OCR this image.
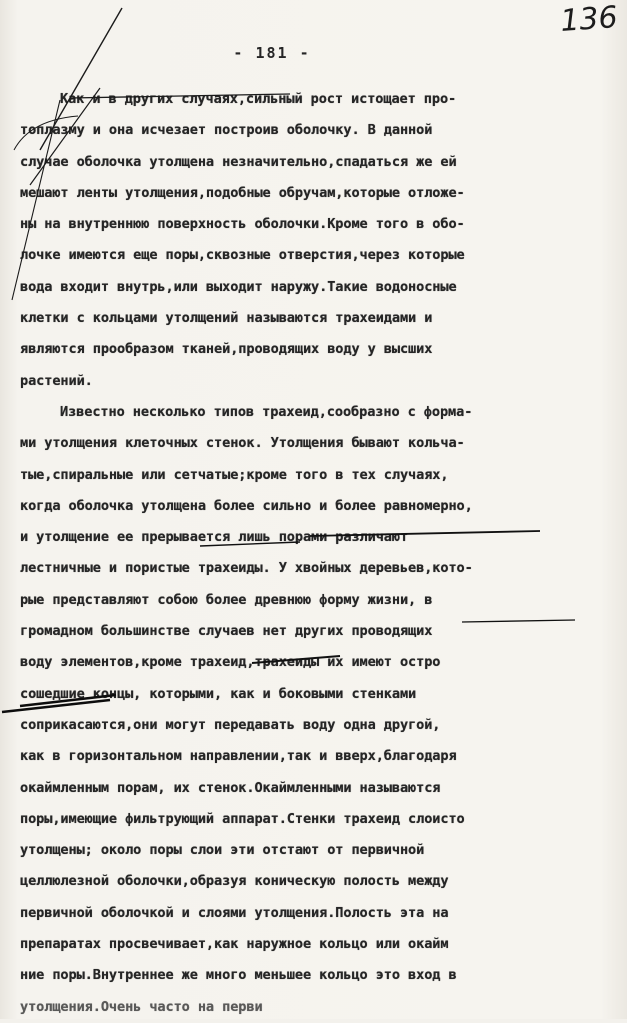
136
- 181 -
Как и в других случаях,сильный рост истощает про-
топлазму и она исчезает построив оболочку. В данной
случае оболочка утолщена незначительно,спадаться же ей
мешают ленты утолщения,подобные обручам,которые отложе-
ны на внутреннюю поверхность оболочки.Кроме того в обо-
лочке имеются еще поры,сквозные отверстия,через которые
вода входит внутрь,или выходит наружу.Такие водоносные
клетки с кольцами утолщений называются трахеидами и
являются прообразом тканей,проводящих воду у высших
растений.
Известно несколько типов трахеид,сообразно с форма-
ми утолщения клеточных стенок. Утолщения бывают кольча-
тые,спиральные или сетчатые;кроме того в тех случаях,
когда оболочка утолщена более сильно и более равномерно,
и утолщение ее прерывается лишь порами различают
лестничные и пористые трахеиды. У хвойных деревьев,кото-
рые представляют собою более древнюю форму жизни, в
громадном большинстве случаев нет других проводящих
воду элементов,кроме трахеид,трахеиды их имеют остро
сошедшие концы, которыми, как и боковыми стенками
соприкасаются,они могут передавать воду одна другой,
как в горизонтальном направлении,так и вверх,благодаря
окаймленным порам, их стенок.Окаймленными называются
поры,имеющие фильтрующий аппарат.Стенки трахеид слоисто
утолщены; около поры слои эти отстают от первичной
целлюлезной оболочки,образуя коническую полость между
первичной оболочкой и слоями утолщения.Полость эта на
препаратах просвечивает,как наружное кольцо или окайм
ние поры.Внутреннее же много меньшее кольцо это вход в
утолщения.Очень часто на перви
